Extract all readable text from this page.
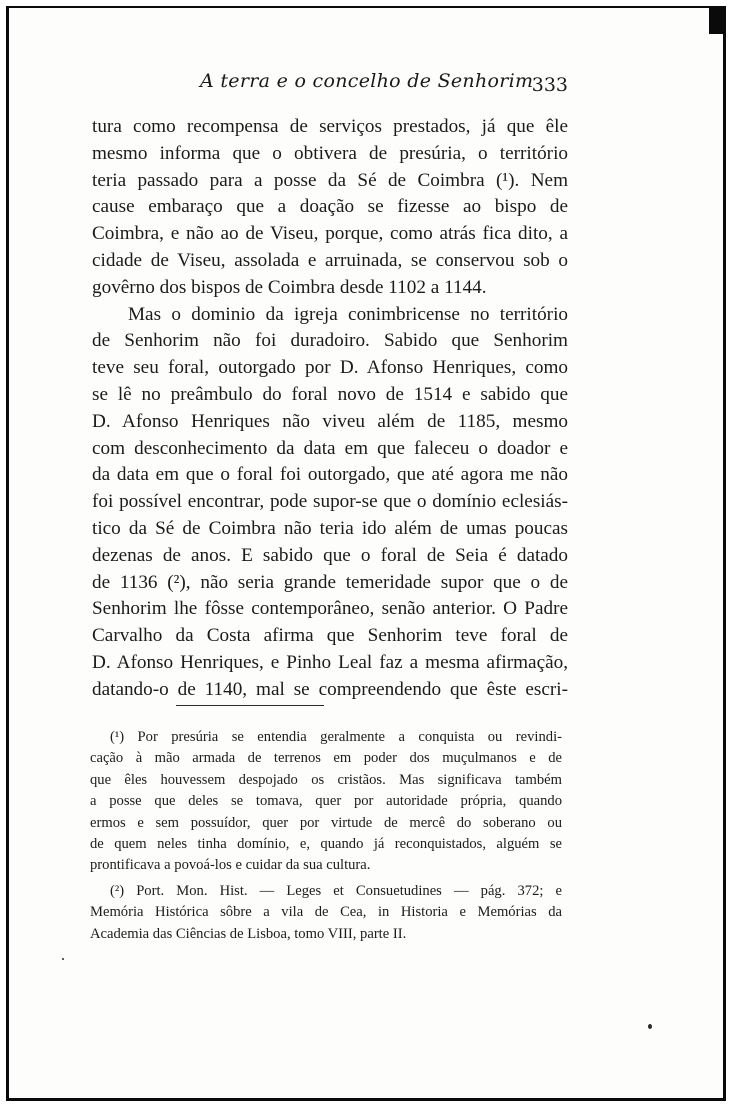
A terra e o concelho de Senhorim
333
tura como recompensa de serviços prestados, já que êle
mesmo informa que o obtivera de presúria, o território
teria passado para a posse da Sé de Coimbra (¹). Nem
cause embaraço que a doação se fizesse ao bispo de
Coimbra, e não ao de Viseu, porque, como atrás fica dito, a
cidade de Viseu, assolada e arruinada, se conservou sob o
govêrno dos bispos de Coimbra desde 1102 a 1144.
Mas o dominio da igreja conimbricense no território
de Senhorim não foi duradoiro. Sabido que Senhorim
teve seu foral, outorgado por D. Afonso Henriques, como
se lê no preâmbulo do foral novo de 1514 e sabido que
D. Afonso Henriques não viveu além de 1185, mesmo
com desconhecimento da data em que faleceu o doador e
da data em que o foral foi outorgado, que até agora me não
foi possível encontrar, pode supor-se que o domínio eclesiás-
tico da Sé de Coimbra não teria ido além de umas poucas
dezenas de anos. E sabido que o foral de Seia é datado
de 1136 (²), não seria grande temeridade supor que o de
Senhorim lhe fôsse contemporâneo, senão anterior. O Padre
Carvalho da Costa afirma que Senhorim teve foral de
D. Afonso Henriques, e Pinho Leal faz a mesma afirmação,
datando-o de 1140, mal se compreendendo que êste escri-
(¹) Por presúria se entendia geralmente a conquista ou revindi-
cação à mão armada de terrenos em poder dos muçulmanos e de
que êles houvessem despojado os cristãos. Mas significava também
a posse que deles se tomava, quer por autoridade própria, quando
ermos e sem possuídor, quer por virtude de mercê do soberano ou
de quem neles tinha domínio, e, quando já reconquistados, alguém se
prontificava a povoá-los e cuidar da sua cultura.
(²) Port. Mon. Hist. — Leges et Consuetudines — pág. 372; e
Memória Histórica sôbre a vila de Cea, in Historia e Memórias da
Academia das Ciências de Lisboa, tomo VIII, parte II.
